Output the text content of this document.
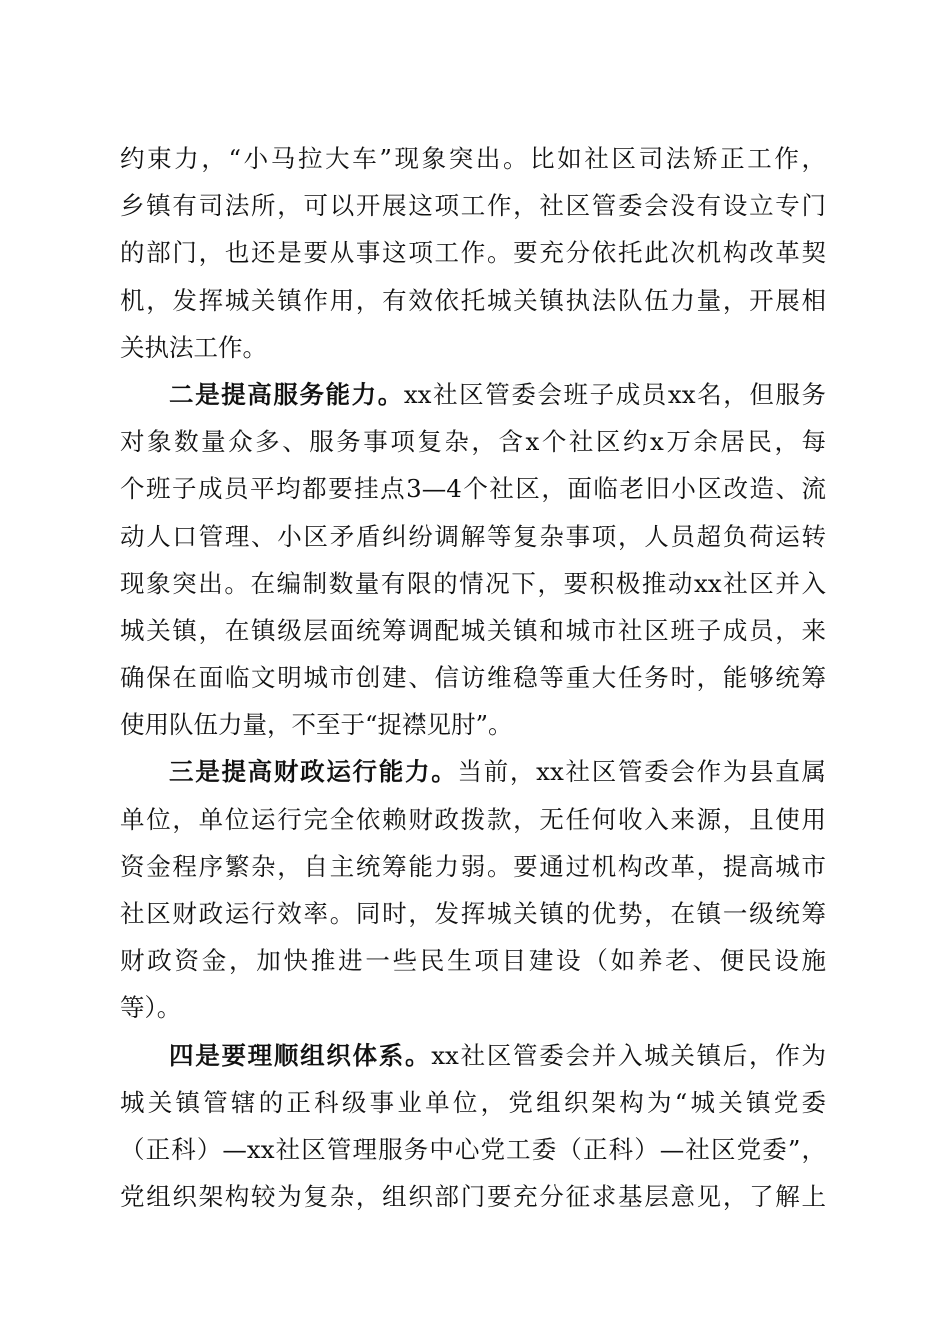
约束力，“小马拉大车”现象突出。比如社区司法矫正工作，
乡镇有司法所，可以开展这项工作，社区管委会没有设立专门
的部门，也还是要从事这项工作。要充分依托此次机构改革契
机，发挥城关镇作用，有效依托城关镇执法队伍力量，开展相
关执法工作。
二是提高服务能力。xx社区管委会班子成员xx名，但服务
对象数量众多、服务事项复杂，含x个社区约x万余居民，每
个班子成员平均都要挂点3—4个社区，面临老旧小区改造、流
动人口管理、小区矛盾纠纷调解等复杂事项，人员超负荷运转
现象突出。在编制数量有限的情况下，要积极推动xx社区并入
城关镇，在镇级层面统筹调配城关镇和城市社区班子成员，来
确保在面临文明城市创建、信访维稳等重大任务时，能够统筹
使用队伍力量，不至于“捉襟见肘”。
三是提高财政运行能力。当前，xx社区管委会作为县直属
单位，单位运行完全依赖财政拨款，无任何收入来源，且使用
资金程序繁杂，自主统筹能力弱。要通过机构改革，提高城市
社区财政运行效率。同时，发挥城关镇的优势，在镇一级统筹
财政资金，加快推进一些民生项目建设（如养老、便民设施
等）。
四是要理顺组织体系。xx社区管委会并入城关镇后，作为
城关镇管辖的正科级事业单位，党组织架构为“城关镇党委
（正科）—xx社区管理服务中心党工委（正科）—社区党委”，
党组织架构较为复杂，组织部门要充分征求基层意见，了解上
